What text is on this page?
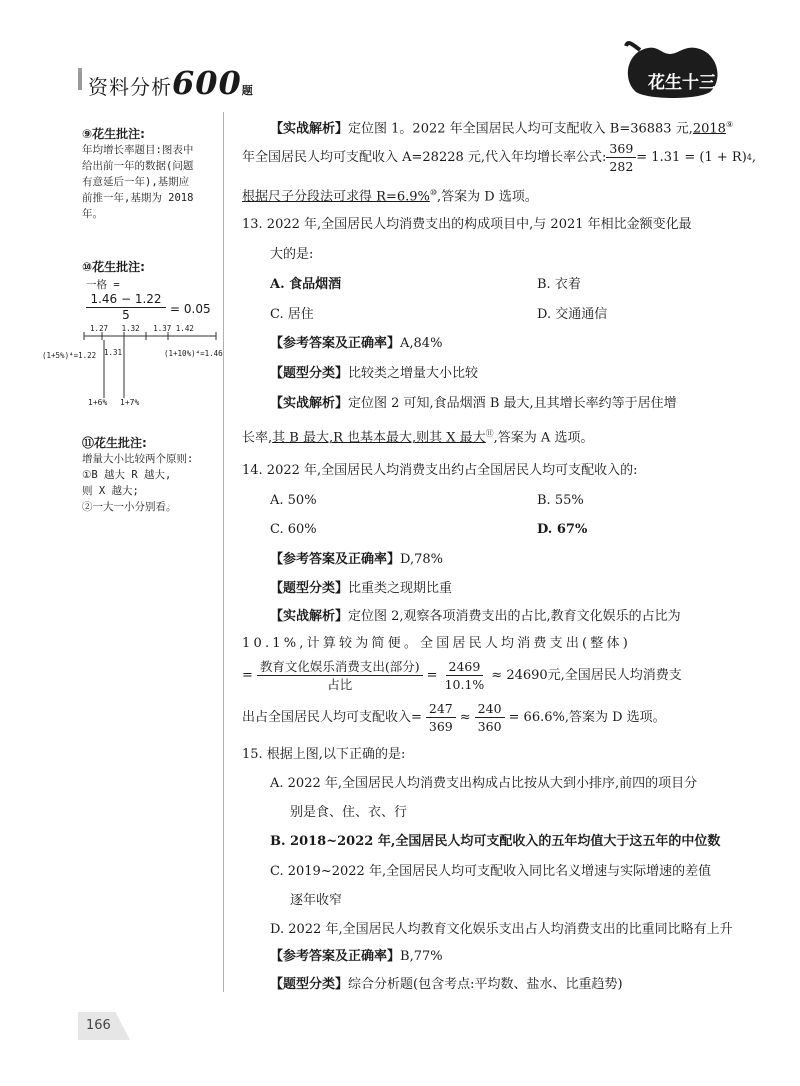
资料分析600题	花生十三
⑨花生批注:
年均增长率题目:图表中
给出前一年的数据(问题
有意延后一年),基期应
前推一年,基期为 2018
年。
⑩花生批注:
一格 =
1.46 − 1.22
5	= 0.05
1.27 1.32 1.37 1.42
(1+5%)⁴=1.22 1.31	(1+10%)⁴=1.46
1+6% 1+7%
⑪花生批注:
增量大小比较两个原则:
①B 越大 R 越大,
则 X 越大;
②一大一小分别看。
【实战解析】定位图 1。2022 年全国居民人均可支配收入 B=36883 元,2018⑨
年全国居民人均可支配收入 A=28228 元,代入年均增长率公式: $\frac{369}{282} = 1.31 = (1 + R)$ 4 ,
根据尺子分段法可求得 R=6.9%⑩,答案为 D 选项。
13. 2022 年,全国居民人均消费支出的构成项目中,与 2021 年相比金额变化最
大的是:
A. 食品烟酒	B. 衣着
C. 居住	D. 交通通信
【参考答案及正确率】A,84%
【题型分类】比较类之增量大小比较
【实战解析】定位图 2 可知,食品烟酒 B 最大,且其增长率约等于居住增
长率,其 B 最大,R 也基本最大,则其 X 最大⑪,答案为 A 选项。
14. 2022 年,全国居民人均消费支出约占全国居民人均可支配收入的:
A. 50%	B. 55%
C. 60%	D. 67%
【参考答案及正确率】D,78%
【题型分类】比重类之现期比重
【实战解析】定位图 2,观察各项消费支出的占比,教育文化娱乐的占比为
10.1%,计算较为简便。全国居民人均消费支出(整体)
= $\frac{\text{教育文化娱乐消费支出(部分)}}{\text{占比}} = \frac{2469}{10.1\%} \approx 24690$元,全国居民人均消费支
出占全国居民人均可支配收入= $\frac{247}{369} \approx \frac{240}{360} = 66.6\%$,答案为 D 选项。
15. 根据上图,以下正确的是:
A. 2022 年,全国居民人均消费支出构成占比按从大到小排序,前四的项目分
别是食、住、衣、行
B. 2018~2022 年,全国居民人均可支配收入的五年均值大于这五年的中位数
C. 2019~2022 年,全国居民人均可支配收入同比名义增速与实际增速的差值
逐年收窄
D. 2022 年,全国居民人均教育文化娱乐支出占人均消费支出的比重同比略有上升
【参考答案及正确率】B,77%
【题型分类】综合分析题(包含考点:平均数、盐水、比重趋势)
166
